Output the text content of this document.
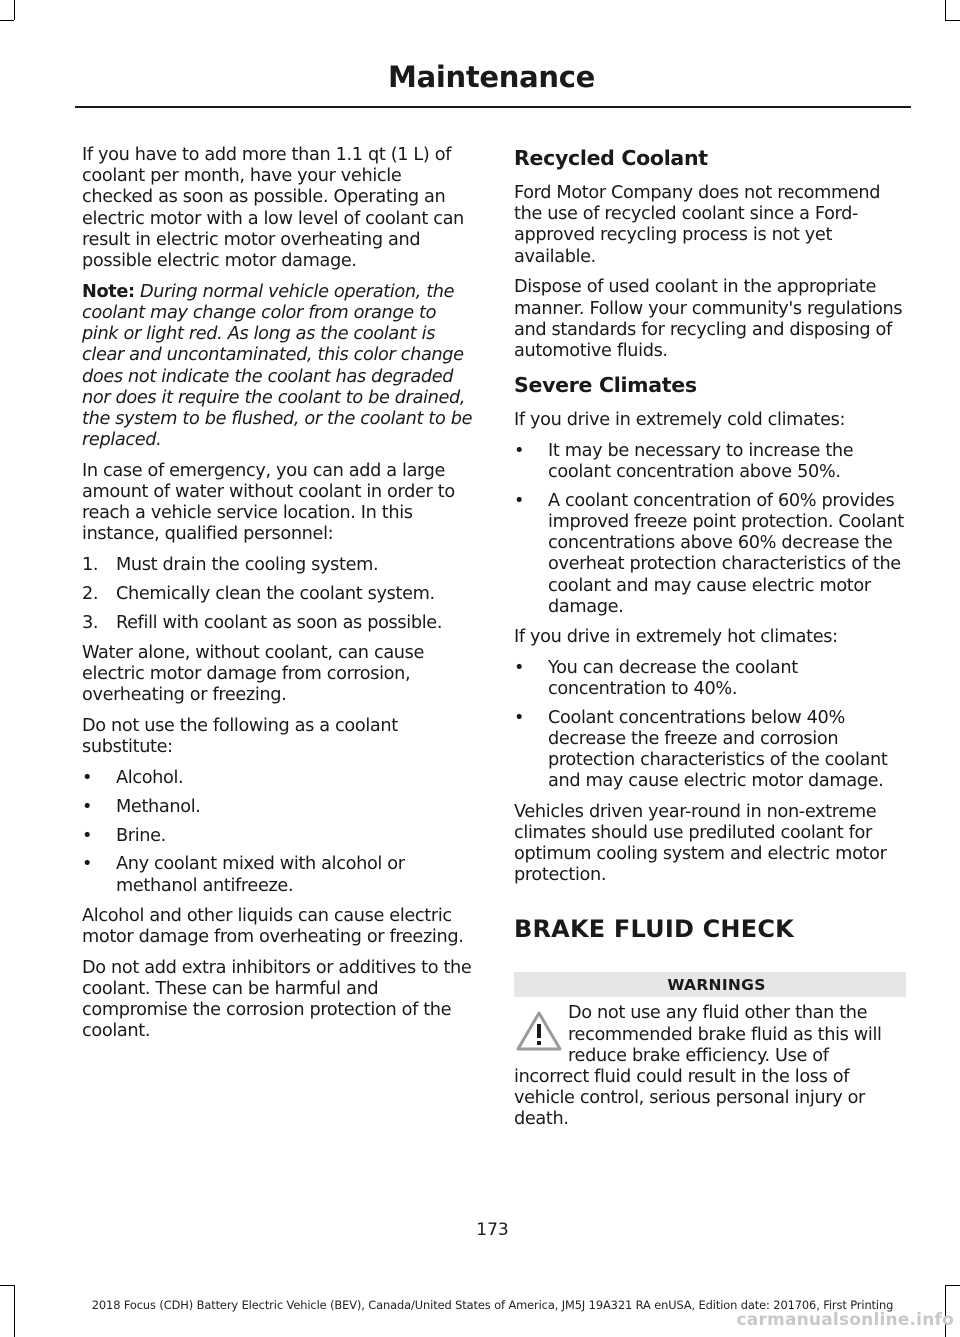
Maintenance

If you have to add more than 1.1 qt (1 L) of coolant per month, have your vehicle checked as soon as possible. Operating an electric motor with a low level of coolant can result in electric motor overheating and possible electric motor damage.

Note: During normal vehicle operation, the coolant may change color from orange to pink or light red. As long as the coolant is clear and uncontaminated, this color change does not indicate the coolant has degraded nor does it require the coolant to be drained, the system to be flushed, or the coolant to be replaced.

In case of emergency, you can add a large amount of water without coolant in order to reach a vehicle service location. In this instance, qualified personnel:

1.	Must drain the cooling system.
2.	Chemically clean the coolant system.
3.	Refill with coolant as soon as possible.

Water alone, without coolant, can cause electric motor damage from corrosion, overheating or freezing.

Do not use the following as a coolant substitute:

•	Alcohol.
•	Methanol.
•	Brine.
•	Any coolant mixed with alcohol or methanol antifreeze.

Alcohol and other liquids can cause electric motor damage from overheating or freezing.

Do not add extra inhibitors or additives to the coolant. These can be harmful and compromise the corrosion protection of the coolant.

Recycled Coolant

Ford Motor Company does not recommend the use of recycled coolant since a Ford-approved recycling process is not yet available.

Dispose of used coolant in the appropriate manner. Follow your community's regulations and standards for recycling and disposing of automotive fluids.

Severe Climates

If you drive in extremely cold climates:

•	It may be necessary to increase the coolant concentration above 50%.
•	A coolant concentration of 60% provides improved freeze point protection. Coolant concentrations above 60% decrease the overheat protection characteristics of the coolant and may cause electric motor damage.

If you drive in extremely hot climates:

•	You can decrease the coolant concentration to 40%.
•	Coolant concentrations below 40% decrease the freeze and corrosion protection characteristics of the coolant and may cause electric motor damage.

Vehicles driven year-round in non-extreme climates should use prediluted coolant for optimum cooling system and electric motor protection.

BRAKE FLUID CHECK
WARNINGS
Do not use any fluid other than the recommended brake fluid as this will reduce brake efficiency. Use of incorrect fluid could result in the loss of vehicle control, serious personal injury or death.
173
2018 Focus (CDH) Battery Electric Vehicle (BEV), Canada/United States of America, JM5J 19A321 RA enUSA, Edition date: 201706, First Printing
carmanualsonline.info
